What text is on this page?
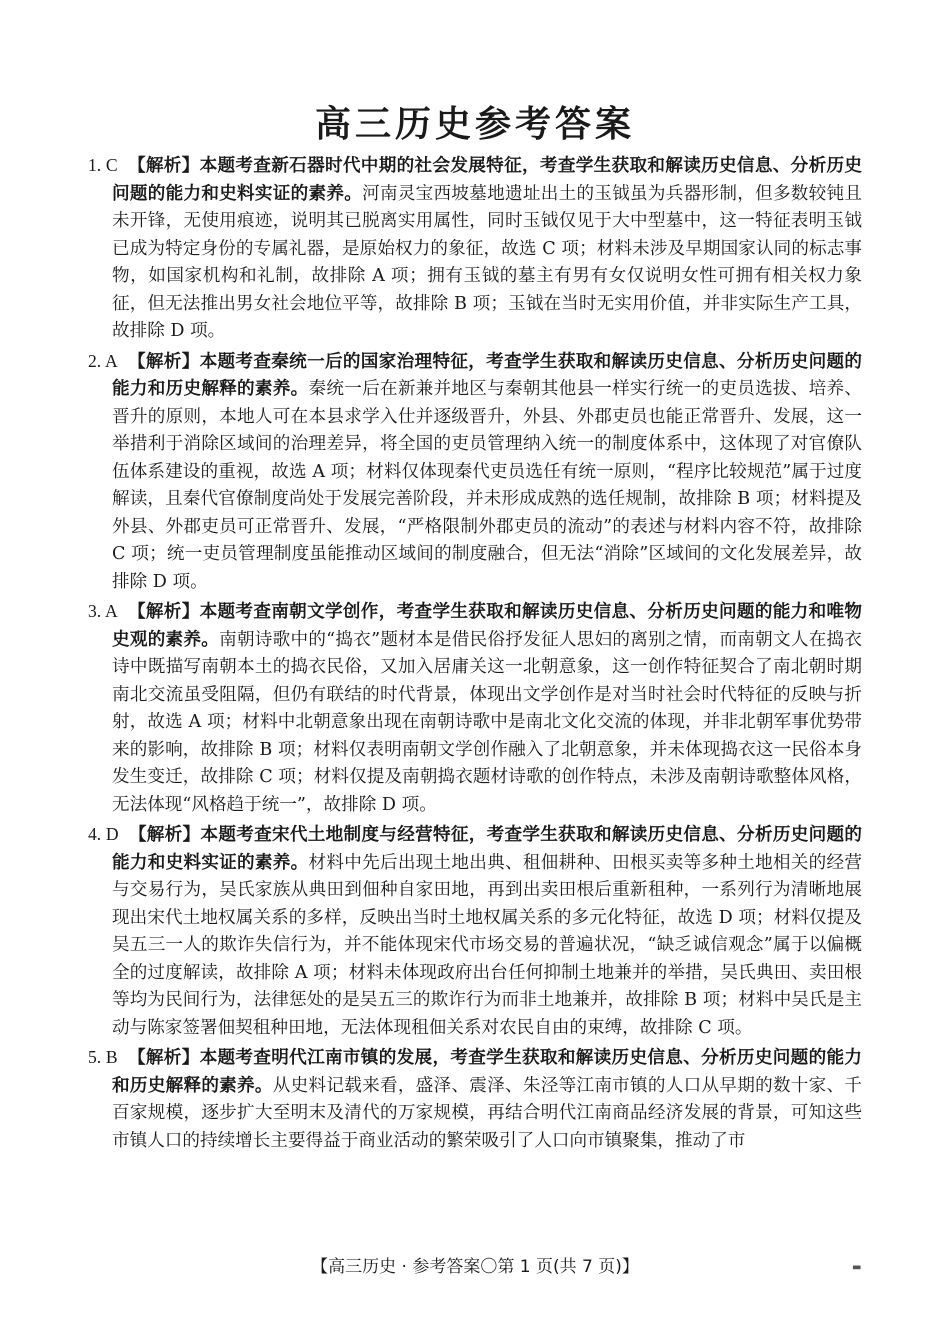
高三历史参考答案

1. C 【解析】本题考查新石器时代中期的社会发展特征，考查学生获取和解读历史信息、分析历史问题的能力和史料实证的素养。河南灵宝西坡墓地遗址出土的玉钺虽为兵器形制，但多数较钝且未开锋，无使用痕迹，说明其已脱离实用属性，同时玉钺仅见于大中型墓中，这一特征表明玉钺已成为特定身份的专属礼器，是原始权力的象征，故选 C 项；材料未涉及早期国家认同的标志事物，如国家机构和礼制，故排除 A 项；拥有玉钺的墓主有男有女仅说明女性可拥有相关权力象征，但无法推出男女社会地位平等，故排除 B 项；玉钺在当时无实用价值，并非实际生产工具，故排除 D 项。

2. A 【解析】本题考查秦统一后的国家治理特征，考查学生获取和解读历史信息、分析历史问题的能力和历史解释的素养。秦统一后在新兼并地区与秦朝其他县一样实行统一的吏员选拔、培养、晋升的原则，本地人可在本县求学入仕并逐级晋升，外县、外郡吏员也能正常晋升、发展，这一举措利于消除区域间的治理差异，将全国的吏员管理纳入统一的制度体系中，这体现了对官僚队伍体系建设的重视，故选 A 项；材料仅体现秦代吏员选任有统一原则，“程序比较规范”属于过度解读，且秦代官僚制度尚处于发展完善阶段，并未形成成熟的选任规制，故排除 B 项；材料提及外县、外郡吏员可正常晋升、发展，“严格限制外郡吏员的流动”的表述与材料内容不符，故排除 C 项；统一吏员管理制度虽能推动区域间的制度融合，但无法“消除”区域间的文化发展差异，故排除 D 项。

3. A 【解析】本题考查南朝文学创作，考查学生获取和解读历史信息、分析历史问题的能力和唯物史观的素养。南朝诗歌中的“捣衣”题材本是借民俗抒发征人思妇的离别之情，而南朝文人在捣衣诗中既描写南朝本土的捣衣民俗，又加入居庸关这一北朝意象，这一创作特征契合了南北朝时期南北交流虽受阻隔，但仍有联结的时代背景，体现出文学创作是对当时社会时代特征的反映与折射，故选 A 项；材料中北朝意象出现在南朝诗歌中是南北文化交流的体现，并非北朝军事优势带来的影响，故排除 B 项；材料仅表明南朝文学创作融入了北朝意象，并未体现捣衣这一民俗本身发生变迁，故排除 C 项；材料仅提及南朝捣衣题材诗歌的创作特点，未涉及南朝诗歌整体风格，无法体现“风格趋于统一”，故排除 D 项。

4. D 【解析】本题考查宋代土地制度与经营特征，考查学生获取和解读历史信息、分析历史问题的能力和史料实证的素养。材料中先后出现土地出典、租佃耕种、田根买卖等多种土地相关的经营与交易行为，吴氏家族从典田到佃种自家田地，再到出卖田根后重新租种，一系列行为清晰地展现出宋代土地权属关系的多样，反映出当时土地权属关系的多元化特征，故选 D 项；材料仅提及吴五三一人的欺诈失信行为，并不能体现宋代市场交易的普遍状况，“缺乏诚信观念”属于以偏概全的过度解读，故排除 A 项；材料未体现政府出台任何抑制土地兼并的举措，吴氏典田、卖田根等均为民间行为，法律惩处的是吴五三的欺诈行为而非土地兼并，故排除 B 项；材料中吴氏是主动与陈家签署佃契租种田地，无法体现租佃关系对农民自由的束缚，故排除 C 项。

5. B 【解析】本题考查明代江南市镇的发展，考查学生获取和解读历史信息、分析历史问题的能力和历史解释的素养。从史料记载来看，盛泽、震泽、朱泾等江南市镇的人口从早期的数十家、千百家规模，逐步扩大至明末及清代的万家规模，再结合明代江南商品经济发展的背景，可知这些市镇人口的持续增长主要得益于商业活动的繁荣吸引了人口向市镇聚集，推动了市

【高三历史 · 参考答案〇第 1 页(共 7 页)】	▬
